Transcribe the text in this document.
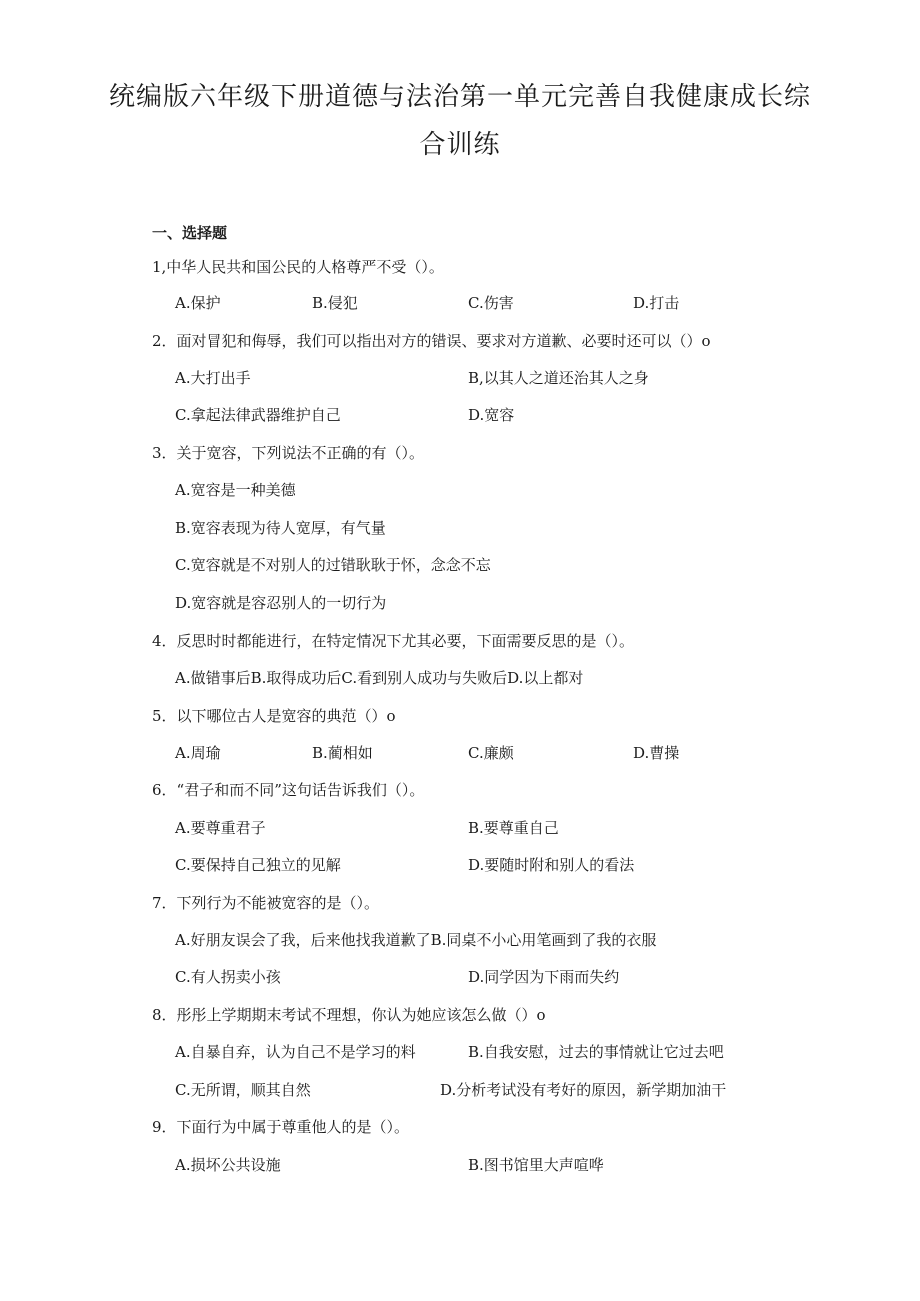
统编版六年级下册道德与法治第一单元完善自我健康成长综
合训练
一、选择题

1,中华人民共和国公民的人格尊严不受（）。

A.保护	B.侵犯	C.伤害	D.打击

2．面对冒犯和侮辱，我们可以指出对方的错误、要求对方道歉、必要时还可以（）o

A.大打出手	B,以其人之道还治其人之身
C.拿起法律武器维护自己	D.宽容

3．关于宽容，下列说法不正确的有（）。

A.宽容是一种美德
B.宽容表现为待人宽厚，有气量
C.宽容就是不对别人的过错耿耿于怀，念念不忘
D.宽容就是容忍别人的一切行为

4．反思时时都能进行，在特定情况下尤其必要，下面需要反思的是（）。

A.做错事后B.取得成功后C.看到别人成功与失败后D.以上都对

5．以下哪位古人是宽容的典范（）o

A.周瑜	B.蔺相如	C.廉颇	D.曹操

6．“君子和而不同”这句话告诉我们（）。

A.要尊重君子	B.要尊重自己
C.要保持自己独立的见解	D.要随时附和别人的看法

7．下列行为不能被宽容的是（）。

A.好朋友误会了我，后来他找我道歉了B.同桌不小心用笔画到了我的衣服
C.有人拐卖小孩	D.同学因为下雨而失约

8．彤彤上学期期末考试不理想，你认为她应该怎么做（）o

A.自暴自弃，认为自己不是学习的料	B.自我安慰，过去的事情就让它过去吧
C.无所谓，顺其自然	D.分析考试没有考好的原因，新学期加油干

9．下面行为中属于尊重他人的是（）。

A.损坏公共设施	B.图书馆里大声喧哗
